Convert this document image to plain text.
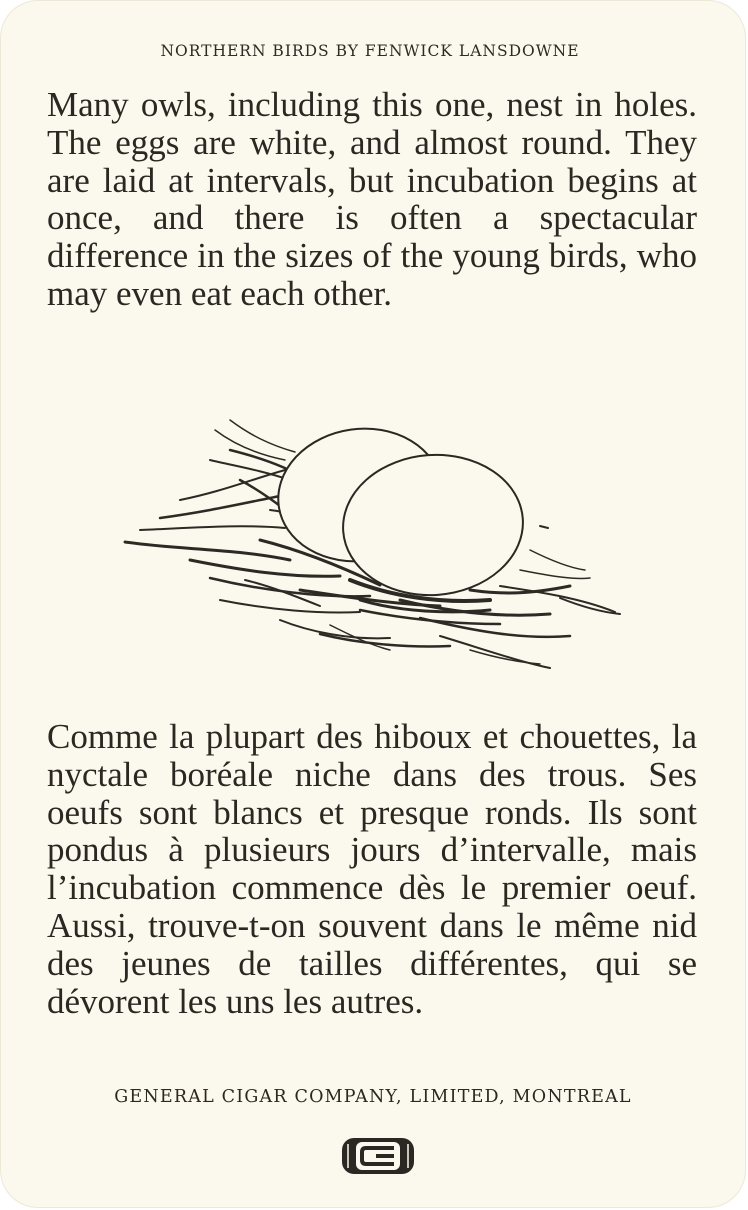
NORTHERN BIRDS BY FENWICK LANSDOWNE

Many owls, including this one, nest in holes. The eggs are white, and almost round. They are laid at intervals, but incubation begins at once, and there is often a spectacular difference in the sizes of the young birds, who may even eat each other.

Comme la plupart des hiboux et chouettes, la nyctale boréale niche dans des trous. Ses oeufs sont blancs et presque ronds. Ils sont pondus à plusieurs jours d’intervalle, mais l’incubation commence dès le premier oeuf. Aussi, trouve-t-on souvent dans le même nid des jeunes de tailles différentes, qui se dévorent les uns les autres.

GENERAL CIGAR COMPANY, LIMITED, MONTREAL
